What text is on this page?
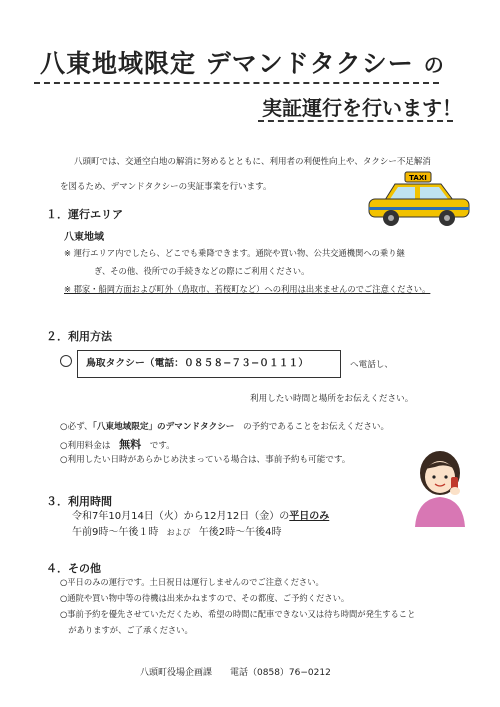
八東地域限定 デマンドタクシー の
実証運行を行います！

八頭町では、交通空白地の解消に努めるとともに、利用者の利便性向上や、タクシー不足解消

を図るため、デマンドタクシーの実証事業を行います。

TAXI
１．運行エリア
八東地域
※ 運行エリア内でしたら、どこでも乗降できます。通院や買い物、公共交通機関への乗り継
ぎ、その他、役所での手続きなどの際にご利用ください。
※ 郡家・船岡方面および町外（鳥取市、若桜町など）への利用は出来ませんのでご注意ください。
２．利用方法
鳥取タクシー（電話：０８５８−７３−０１１１）	へ電話し、
利用したい時間と場所をお伝えください。
○必ず、「八東地域限定」のデマンドタクシー　 の予約であることをお伝えください。
○利用料金は　 無料　 です。
○利用したい日時があらかじめ決まっている場合は、事前予約も可能です。
３．利用時間
令和7年10月14日（火）から12月12日（金）の平日のみ
午前9時〜午後１時 および 午後2時〜午後4時
４．その他
○平日のみの運行です。土日祝日は運行しませんのでご注意ください。
○通院や買い物中等の待機は出来かねますので、その都度、ご予約ください。
○事前予約を優先させていただくため、希望の時間に配車できない又は待ち時間が発生すること
　がありますが、ご了承ください。
八頭町役場企画課　　 電話（0858）76−0212
